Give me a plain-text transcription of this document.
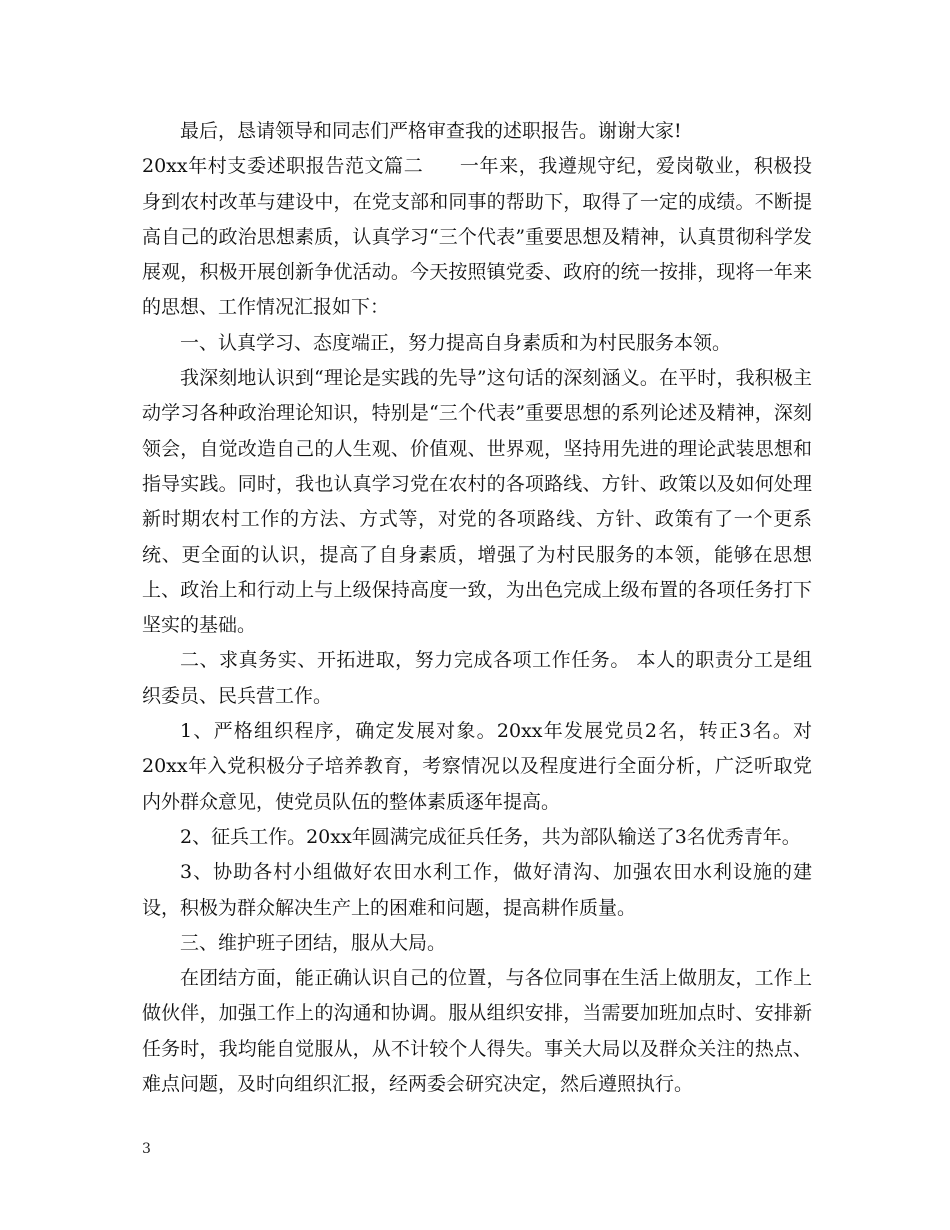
最后，恳请领导和同志们严格审查我的述职报告。谢谢大家!

20xx年村支委述职报告范文篇二 一年来，我遵规守纪，爱岗敬业，积极投身到农村改革与建设中，在党支部和同事的帮助下，取得了一定的成绩。不断提高自己的政治思想素质，认真学习“三个代表”重要思想及精神，认真贯彻科学发展观，积极开展创新争优活动。今天按照镇党委、政府的统一按排，现将一年来的思想、工作情况汇报如下：

一、认真学习、态度端正，努力提高自身素质和为村民服务本领。

我深刻地认识到“理论是实践的先导”这句话的深刻涵义。在平时，我积极主动学习各种政治理论知识，特别是“三个代表”重要思想的系列论述及精神，深刻领会，自觉改造自己的人生观、价值观、世界观，坚持用先进的理论武装思想和指导实践。同时，我也认真学习党在农村的各项路线、方针、政策以及如何处理新时期农村工作的方法、方式等，对党的各项路线、方针、政策有了一个更系统、更全面的认识，提高了自身素质，增强了为村民服务的本领，能够在思想上、政治上和行动上与上级保持高度一致，为出色完成上级布置的各项任务打下坚实的基础。

二、求真务实、开拓进取，努力完成各项工作任务。 本人的职责分工是组织委员、民兵营工作。

1、严格组织程序，确定发展对象。20xx年发展党员2名，转正3名。对20xx年入党积极分子培养教育，考察情况以及程度进行全面分析，广泛听取党内外群众意见，使党员队伍的整体素质逐年提高。

2、征兵工作。20xx年圆满完成征兵任务，共为部队输送了3名优秀青年。

3、协助各村小组做好农田水利工作，做好清沟、加强农田水利设施的建设，积极为群众解决生产上的困难和问题，提高耕作质量。

三、维护班子团结，服从大局。

在团结方面，能正确认识自己的位置，与各位同事在生活上做朋友，工作上做伙伴，加强工作上的沟通和协调。服从组织安排，当需要加班加点时、安排新任务时，我均能自觉服从，从不计较个人得失。事关大局以及群众关注的热点、难点问题，及时向组织汇报，经两委会研究决定，然后遵照执行。

3
